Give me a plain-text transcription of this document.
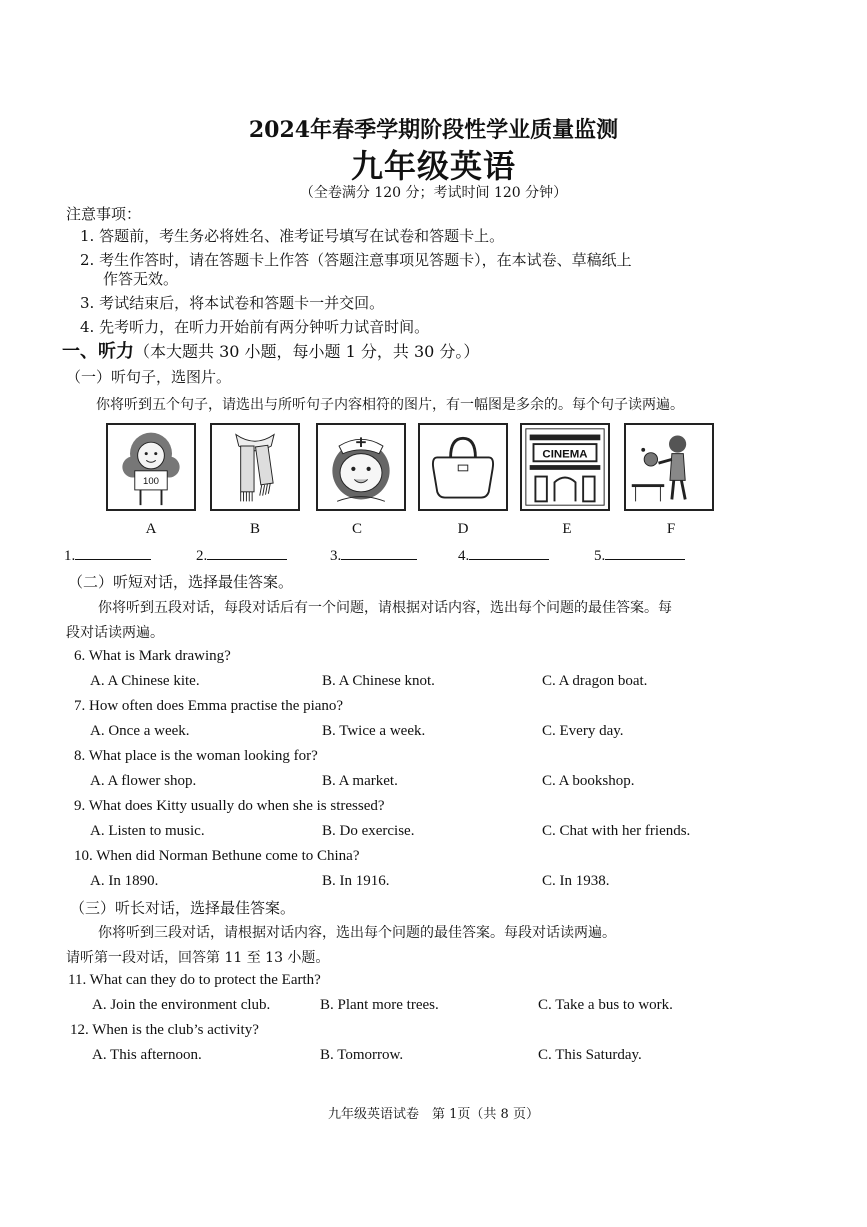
2024年春季学期阶段性学业质量监测
九年级英语
（全卷满分 120 分；考试时间 120 分钟）
注意事项：
1. 答题前，考生务必将姓名、准考证号填写在试卷和答题卡上。
2. 考生作答时，请在答题卡上作答（答题注意事项见答题卡），在本试卷、草稿纸上
作答无效。
3. 考试结束后，将本试卷和答题卡一并交回。
4. 先考听力，在听力开始前有两分钟听力试音时间。
一、听力（本大题共 30 小题，每小题 1 分，共 30 分。）
（一）听句子，选图片。
你将听到五个句子，请选出与所听句子内容相符的图片，有一幅图是多余的。每个句子读两遍。
100
CINEMA
A	B	C	D	E	F
1.	2.	3.	4.	5.
（二）听短对话，选择最佳答案。
你将听到五段对话，每段对话后有一个问题，请根据对话内容，选出每个问题的最佳答案。每
段对话读两遍。
6. What is Mark drawing?
A. A Chinese kite.	B. A Chinese knot.	C. A dragon boat.
7. How often does Emma practise the piano?
A. Once a week.	B. Twice a week.	C. Every day.
8. What place is the woman looking for?
A. A flower shop.	B. A market.	C. A bookshop.
9. What does Kitty usually do when she is stressed?
A. Listen to music.	B. Do exercise.	C. Chat with her friends.
10. When did Norman Bethune come to China?
A. In 1890.	B. In 1916.	C. In 1938.
（三）听长对话，选择最佳答案。
你将听到三段对话，请根据对话内容，选出每个问题的最佳答案。每段对话读两遍。
请听第一段对话，回答第 11 至 13 小题。
11. What can they do to protect the Earth?
A. Join the environment club.	B. Plant more trees.	C. Take a bus to work.
12. When is the club’s activity?
A. This afternoon.	B. Tomorrow.	C. This Saturday.
九年级英语试卷　第 1页（共 8 页）
